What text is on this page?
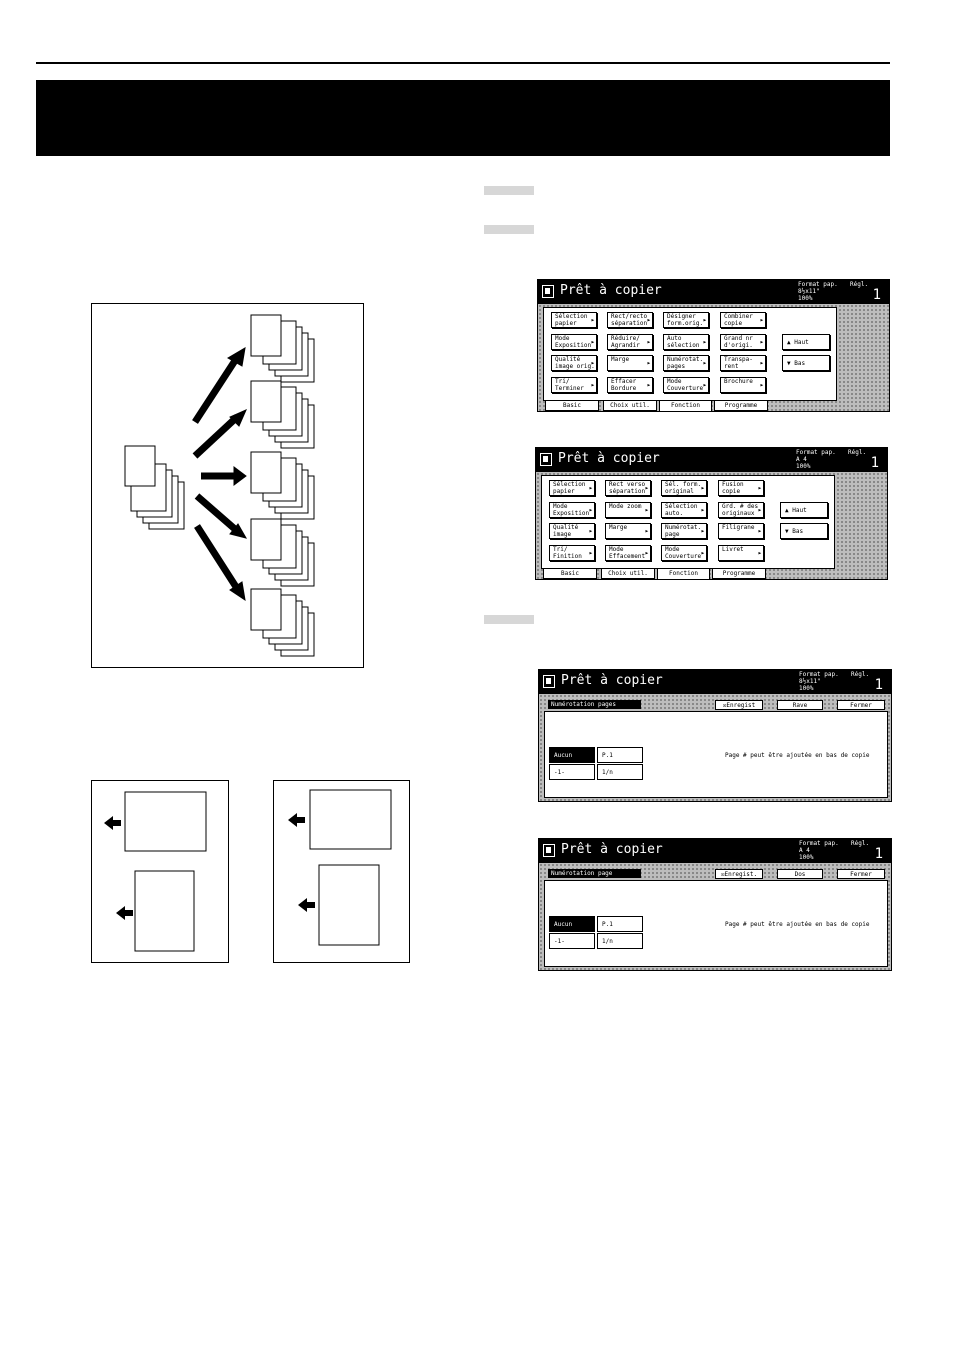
Prêt à copier	Format pap.
8½x11"
100%
Régl.
1
Sélection
papier ▸
Rect/recto
séparation ▸
Désigner
form.orig. ▸
Combiner
copie ▸
Mode
Exposition ▸
Réduire/
Agrandir ▸
Auto
sélection ▸
Grand nr
d'origi. ▸
Qualité
image orig. ▸
Marge ▸	Numérotat.
pages ▸
Transpa-
rent ▸
Tri/
Terminer ▸
Effacer
Bordure ▸
Mode
Couverture ▸
Brochure ▸
▲ Haut
▼ Bas
Basic	Choix util.	Fonction	Programme
Prêt à copier	Format pap.
A 4
100%
Régl.
1
Sélection
papier ▸
Rect verso
séparation ▸
Sél. form.
original ▸
Fusion
copie ▸
Mode
Exposition ▸
Mode zoom ▸	Sélection
auto. ▸
Grd. # des
originaux ▸
Qualité
image ▸
Marge ▸	Numérotat.
page ▸
Filigrane ▸
Tri/
Finition ▸
Mode
Effacement ▸
Mode
Couverture ▸
Livret ▸
▲ Haut
▼ Bas
Basic	Choix util.	Fonction	Programme
Prêt à copier	Format pap.
8½x11"
100%
Régl.
1
Numérotation pages	☒Enregist	Rave	Fermer
Aucun	P.1
-1-	1/n
Page # peut être ajoutée en bas de copie
Prêt à copier	Format pap.
A 4
100%
Régl.
1
Numérotation page	☒Enregist.	Dos	Fermer
Aucun	P.1
-1-	1/n
Page # peut être ajoutée en bas de copie
